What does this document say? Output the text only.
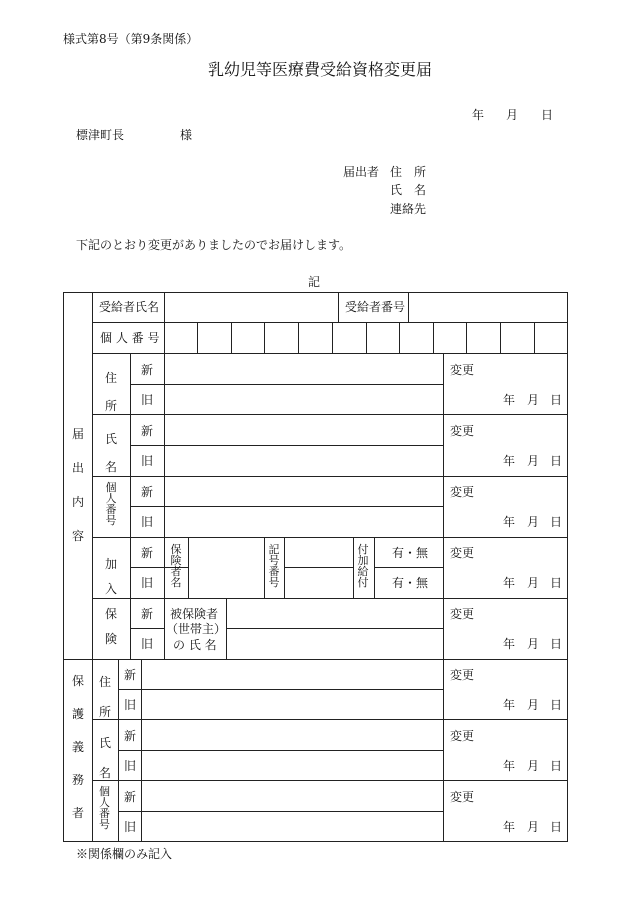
様式第8号（第9条関係）
乳幼児等医療費受給資格変更届
年 月 日
標津町長	様
届出者 住　所
氏　名
連絡先
下記のとおり変更がありましたのでお届けします。
記
受給者氏名	受給者番号
個 人 番 号
届出内容
保護義務者
住所
新
旧
氏名
新
旧
個人番号
新
旧
加入保険
新
旧
保険者名
記号番号
付加給付
有・無
有・無
新
旧
被保険者
（世帯主）
の 氏 名
変更
年 月 日
変更
年 月 日
変更
年 月 日
変更
年 月 日
変更
年 月 日
住所
新
旧
氏名
新
旧
個人番号
新
旧
変更
年 月 日
変更
年 月 日
変更
年 月 日
※関係欄のみ記入
